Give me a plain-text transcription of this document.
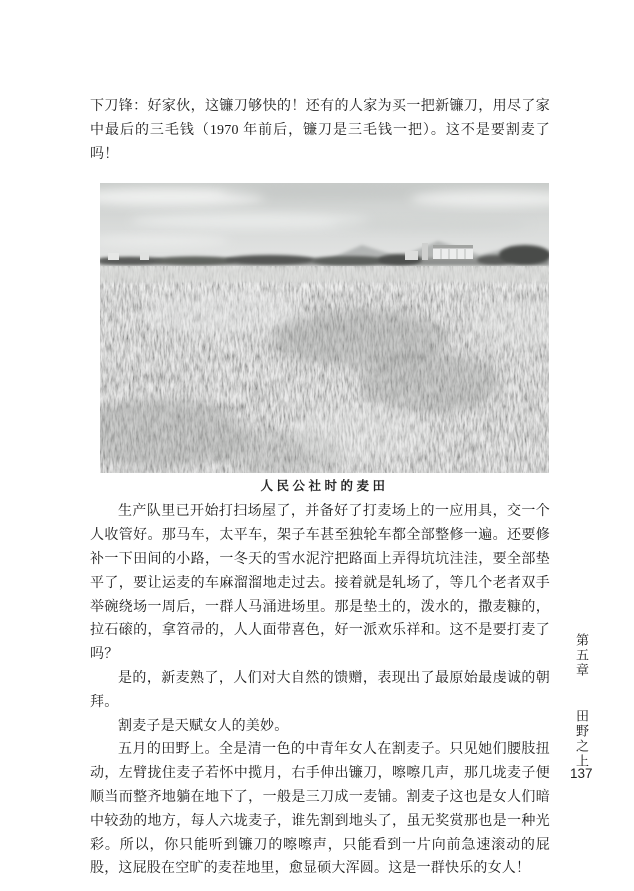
下刀锋：好家伙，这镰刀够快的！还有的人家为买一把新镰刀，用尽了家中最后的三毛钱（1970 年前后，镰刀是三毛钱一把）。这不是要割麦了吗！

人民公社时的麦田

生产队里已开始打扫场屋了，并备好了打麦场上的一应用具，交一个人收管好。那马车，太平车，架子车甚至独轮车都全部整修一遍。还要修补一下田间的小路，一冬天的雪水泥泞把路面上弄得坑坑洼洼，要全部垫平了，要让运麦的车麻溜溜地走过去。接着就是轧场了，等几个老者双手举碗绕场一周后，一群人马涌进场里。那是垫土的，泼水的，撒麦糠的，拉石磙的，拿笤帚的，人人面带喜色，好一派欢乐祥和。这不是要打麦了吗？

是的，新麦熟了，人们对大自然的馈赠，表现出了最原始最虔诚的朝拜。

割麦子是天赋女人的美妙。

五月的田野上。全是清一色的中青年女人在割麦子。只见她们腰肢扭动，左臂拢住麦子若怀中揽月，右手伸出镰刀，嚓嚓几声，那几垅麦子便顺当而整齐地躺在地下了，一般是三刀成一麦铺。割麦子这也是女人们暗中较劲的地方，每人六垅麦子，谁先割到地头了，虽无奖赏那也是一种光彩。所以，你只能听到镰刀的嚓嚓声，只能看到一片向前急速滚动的屁股，这屁股在空旷的麦茬地里，愈显硕大浑圆。这是一群快乐的女人！

第五章 田野之上
137
